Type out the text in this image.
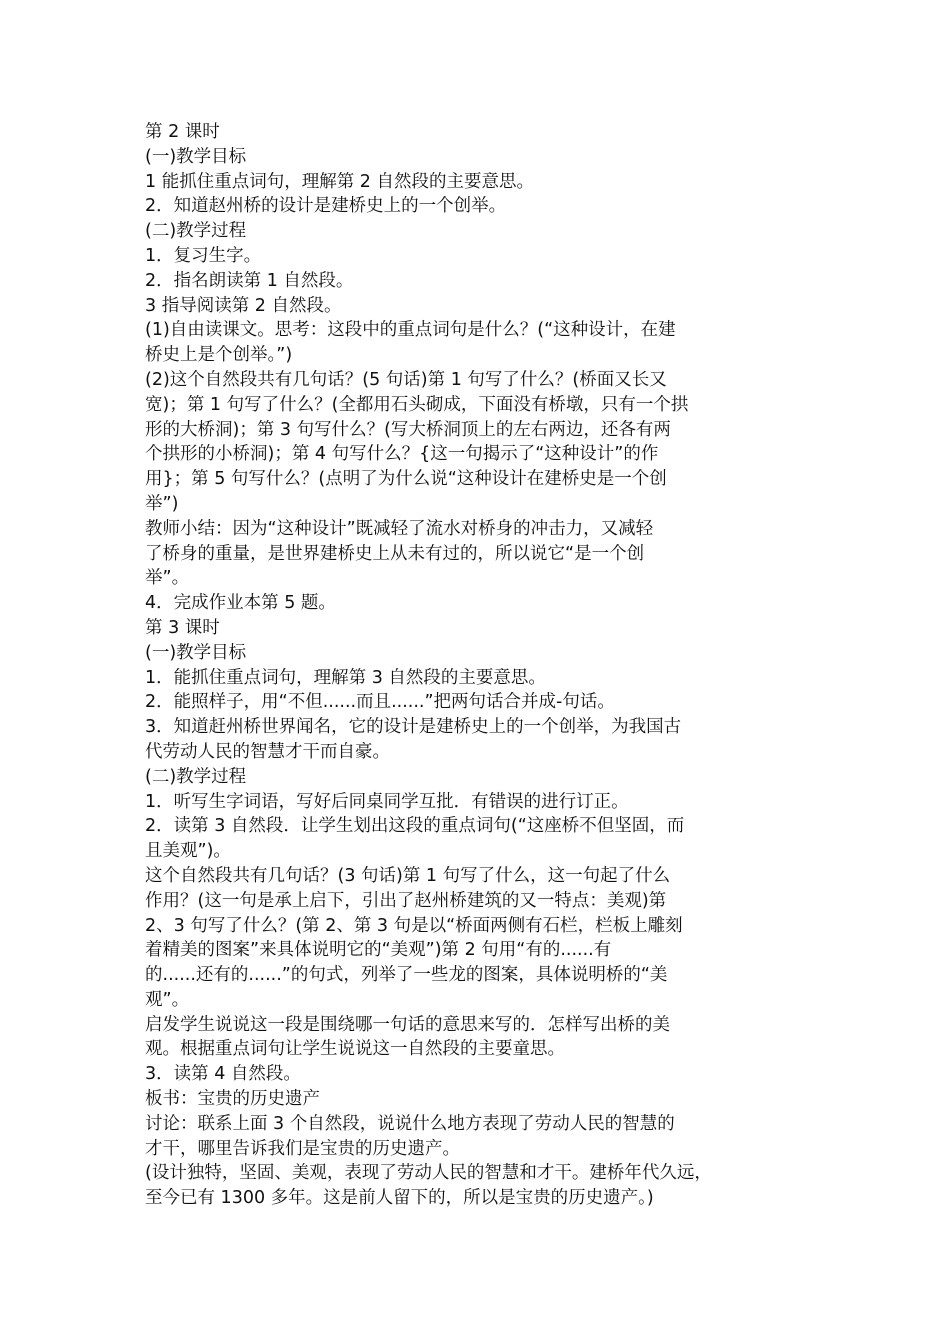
第 2 课时

(一)教学目标

1 能抓住重点词句，理解第 2 自然段的主要意思。

2．知道赵州桥的设计是建桥史上的一个创举。

(二)教学过程

1．复习生字。

2．指名朗读第 1 自然段。

3 指导阅读第 2 自然段。

(1)自由读课文。思考：这段中的重点词句是什么？(“这种设计，在建

桥史上是个创举。”)

(2)这个自然段共有几句话？(5 句话)第 1 句写了什么？(桥面又长又

宽)；第 1 句写了什么？(全都用石头砌成，下面没有桥墩，只有一个拱

形的大桥洞)；第 3 句写什么？(写大桥洞顶上的左右两边，还各有两

个拱形的小桥洞)；第 4 句写什么？{这一句揭示了“这种设计”的作

用}；第 5 句写什么？(点明了为什么说“这种设计在建桥史是一个创

举”)

教师小结：因为“这种设计”既减轻了流水对桥身的冲击力，又减轻

了桥身的重量，是世界建桥史上从未有过的，所以说它“是一个创

举”。

4．完成作业本第 5 题。

第 3 课时

(一)教学目标

1．能抓住重点词句，理解第 3 自然段的主要意思。

2．能照样子，用“不但......而且......”把两句话合并成-句话。

3．知道赶州桥世界闻名，它的设计是建桥史上的一个创举，为我国古

代劳动人民的智慧才干而自豪。

(二)教学过程

1．听写生字词语，写好后同桌同学互批．有错误的进行订正。

2．读第 3 自然段．让学生划出这段的重点词句(“这座桥不但坚固，而

且美观”)。

这个自然段共有几句话？(3 句话)第 1 句写了什么，这一句起了什么

作用？(这一句是承上启下，引出了赵州桥建筑的又一特点：美观)第

2、3 句写了什么？(第 2、第 3 句是以“桥面两侧有石栏，栏板上雕刻

着精美的图案”来具体说明它的“美观”)第 2 句用“有的......有

的......还有的......”的句式，列举了一些龙的图案，具体说明桥的“美

观”。

启发学生说说这一段是围绕哪一句话的意思来写的．怎样写出桥的美

观。根据重点词句让学生说说这一自然段的主要童思。

3．读第 4 自然段。

板书：宝贵的历史遗产

讨论：联系上面 3 个自然段，说说什么地方表现了劳动人民的智慧的

才干，哪里告诉我们是宝贵的历史遗产。

(设计独特，坚固、美观，表现了劳动人民的智慧和才干。建桥年代久远，

至今已有 1300 多年。这是前人留下的，所以是宝贵的历史遗产。)
